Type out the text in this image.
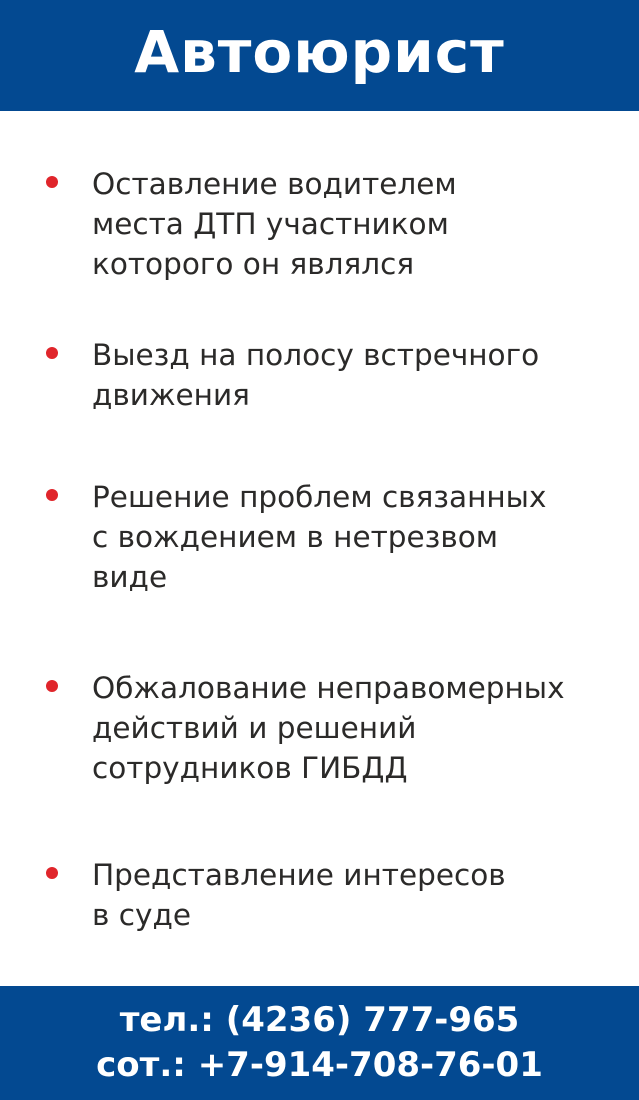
Автоюрист
Оставление водителем
места ДТП участником
которого он являлся
Выезд на полосу встречного
движения
Решение проблем связанных
с вождением в нетрезвом
виде
Обжалование неправомерных
действий и решений
сотрудников ГИБДД
Представление интересов
в суде
тел.: (4236) 777-965
сот.: +7-914-708-76-01
